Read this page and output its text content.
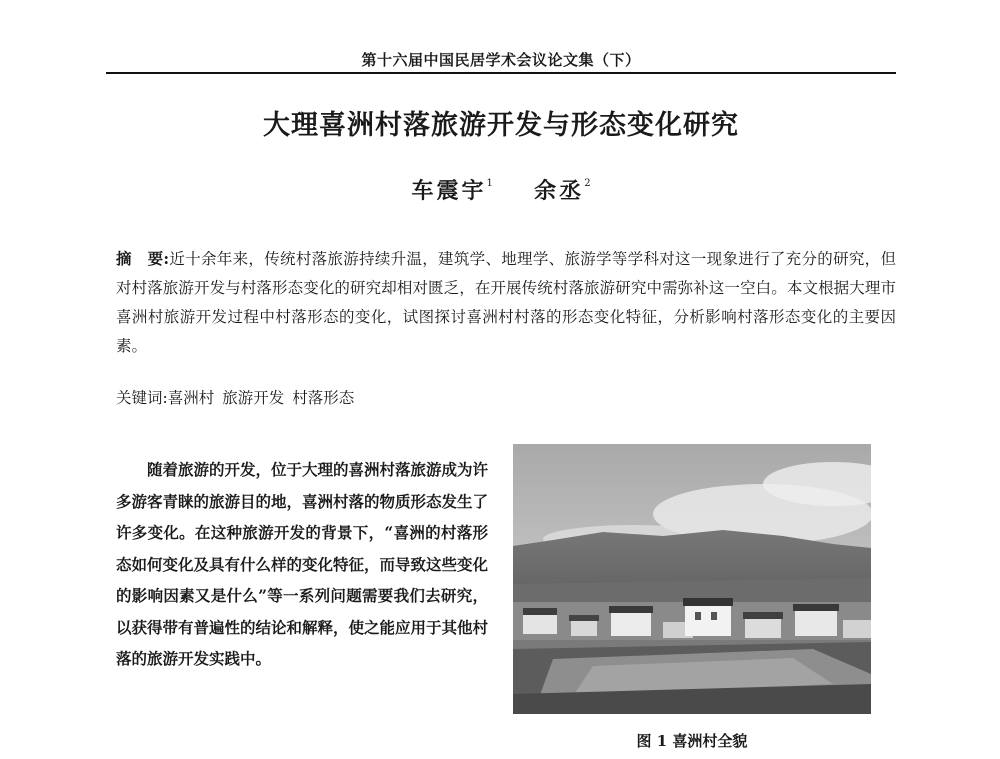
第十六届中国民居学术会议论文集（下）
大理喜洲村落旅游开发与形态变化研究
车震宇$^1$ 余丞$^2$
摘　要:近十余年来，传统村落旅游持续升温，建筑学、地理学、旅游学等学科对这一现象进行了充分的研究，但对村落旅游开发与村落形态变化的研究却相对匮乏，在开展传统村落旅游研究中需弥补这一空白。本文根据大理市喜洲村旅游开发过程中村落形态的变化，试图探讨喜洲村村落的形态变化特征，分析影响村落形态变化的主要因素。
关键词:喜洲村 旅游开发 村落形态

随着旅游的开发，位于大理的喜洲村落旅游成为许多游客青睐的旅游目的地，喜洲村落的物质形态发生了许多变化。在这种旅游开发的背景下，“喜洲的村落形态如何变化及具有什么样的变化特征，而导致这些变化的影响因素又是什么”等一系列问题需要我们去研究，以获得带有普遍性的结论和解释，使之能应用于其他村落的旅游开发实践中。

图 1 喜洲村全貌
